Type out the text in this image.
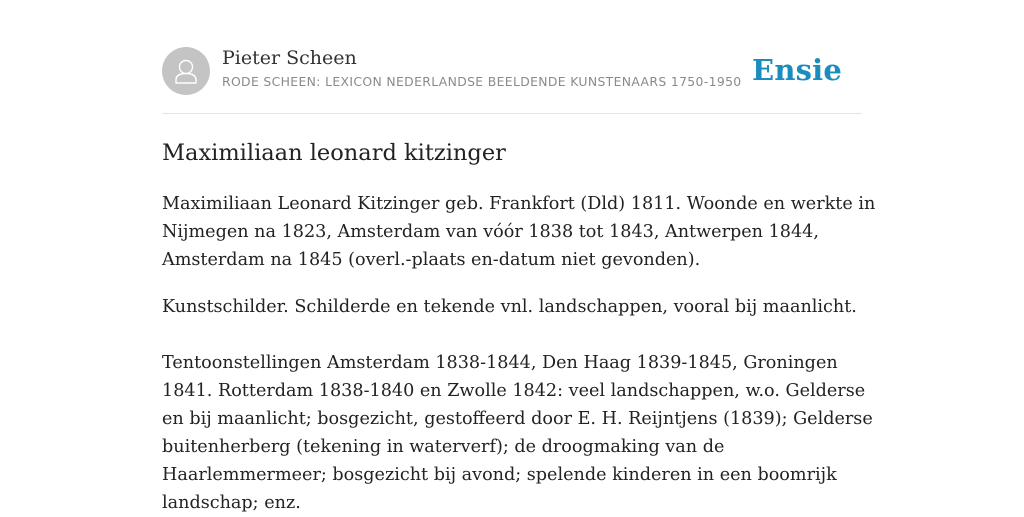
Pieter Scheen
RODE SCHEEN: LEXICON NEDERLANDSE BEELDENDE KUNSTENAARS 1750-1950 Ensie
Maximiliaan leonard kitzinger

Maximiliaan Leonard Kitzinger geb. Frankfort (Dld) 1811. Woonde en werkte in Nijmegen na 1823, Amsterdam van vóór 1838 tot 1843, Antwerpen 1844, Amsterdam na 1845 (overl.-plaats en-datum niet gevonden).

Kunstschilder. Schilderde en tekende vnl. landschappen, vooral bij maanlicht.

Tentoonstellingen Amsterdam 1838-1844, Den Haag 1839-1845, Groningen 1841. Rotterdam 1838-1840 en Zwolle 1842: veel landschappen, w.o. Gelderse en bij maanlicht; bosgezicht, gestoffeerd door E. H. Reijntjens (1839); Gelderse buitenherberg (tekening in waterverf); de droogmaking van de Haarlemmermeer; bosgezicht bij avond; spelende kinderen in een boomrijk landschap; enz.
